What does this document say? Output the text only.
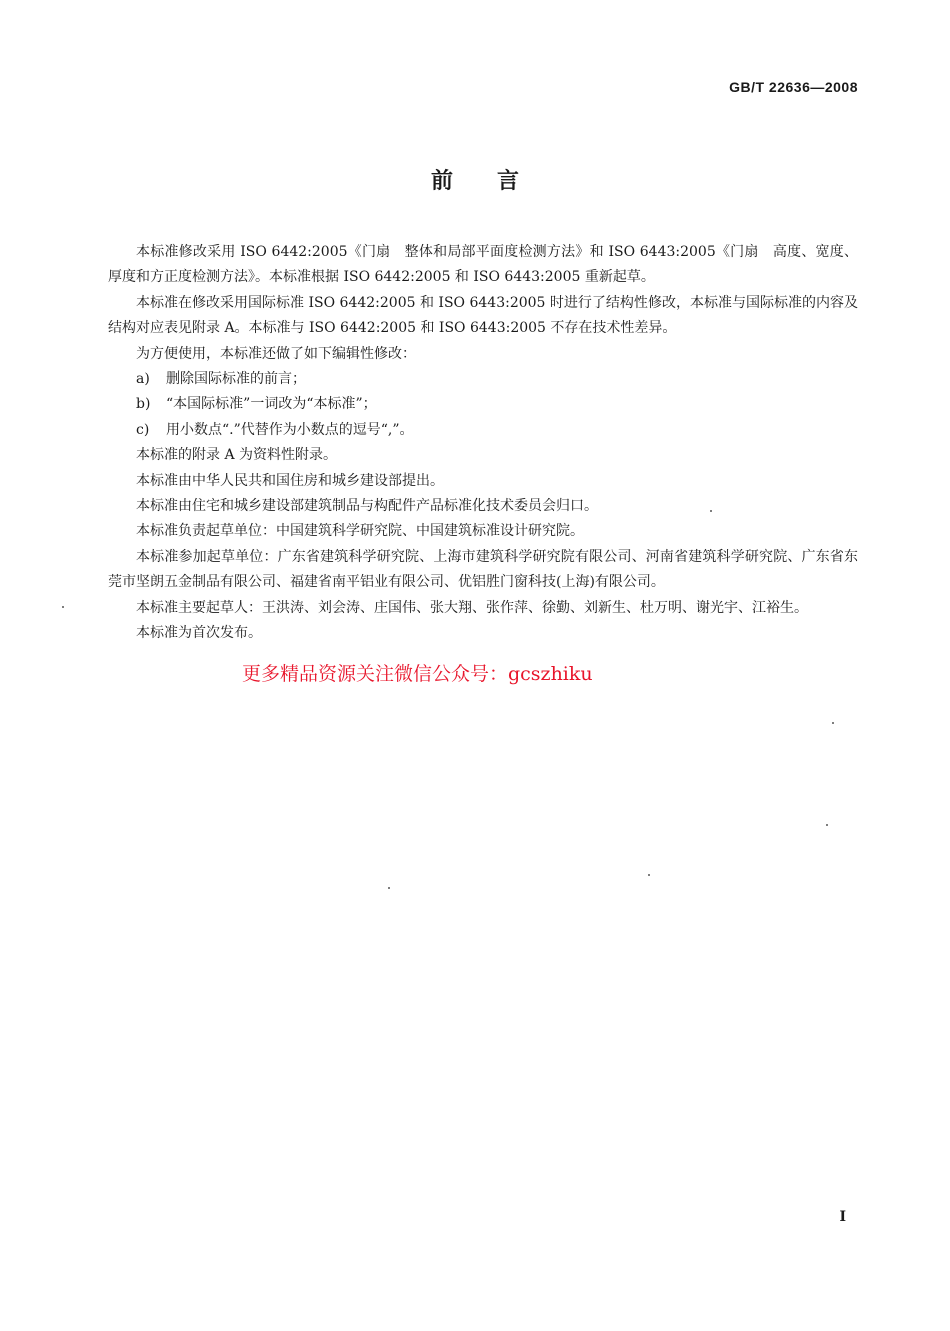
GB/T 22636—2008
前言

本标准修改采用 ISO 6442:2005《门扇　整体和局部平面度检测方法》和 ISO 6443:2005《门扇　高度、宽度、厚度和方正度检测方法》。本标准根据 ISO 6442:2005 和 ISO 6443:2005 重新起草。

本标准在修改采用国际标准 ISO 6442:2005 和 ISO 6443:2005 时进行了结构性修改，本标准与国际标准的内容及结构对应表见附录 A。本标准与 ISO 6442:2005 和 ISO 6443:2005 不存在技术性差异。

为方便使用，本标准还做了如下编辑性修改：

a) 删除国际标准的前言；

b) “本国际标准”一词改为“本标准”；

c) 用小数点“.”代替作为小数点的逗号“,”。

本标准的附录 A 为资料性附录。

本标准由中华人民共和国住房和城乡建设部提出。

本标准由住宅和城乡建设部建筑制品与构配件产品标准化技术委员会归口。

本标准负责起草单位：中国建筑科学研究院、中国建筑标准设计研究院。

本标准参加起草单位：广东省建筑科学研究院、上海市建筑科学研究院有限公司、河南省建筑科学研究院、广东省东莞市坚朗五金制品有限公司、福建省南平铝业有限公司、优铝胜门窗科技(上海)有限公司。

本标准主要起草人：王洪涛、刘会涛、庄国伟、张大翔、张作萍、徐勤、刘新生、杜万明、谢光宇、江裕生。

本标准为首次发布。

更多精品资源关注微信公众号：gcszhiku
I
